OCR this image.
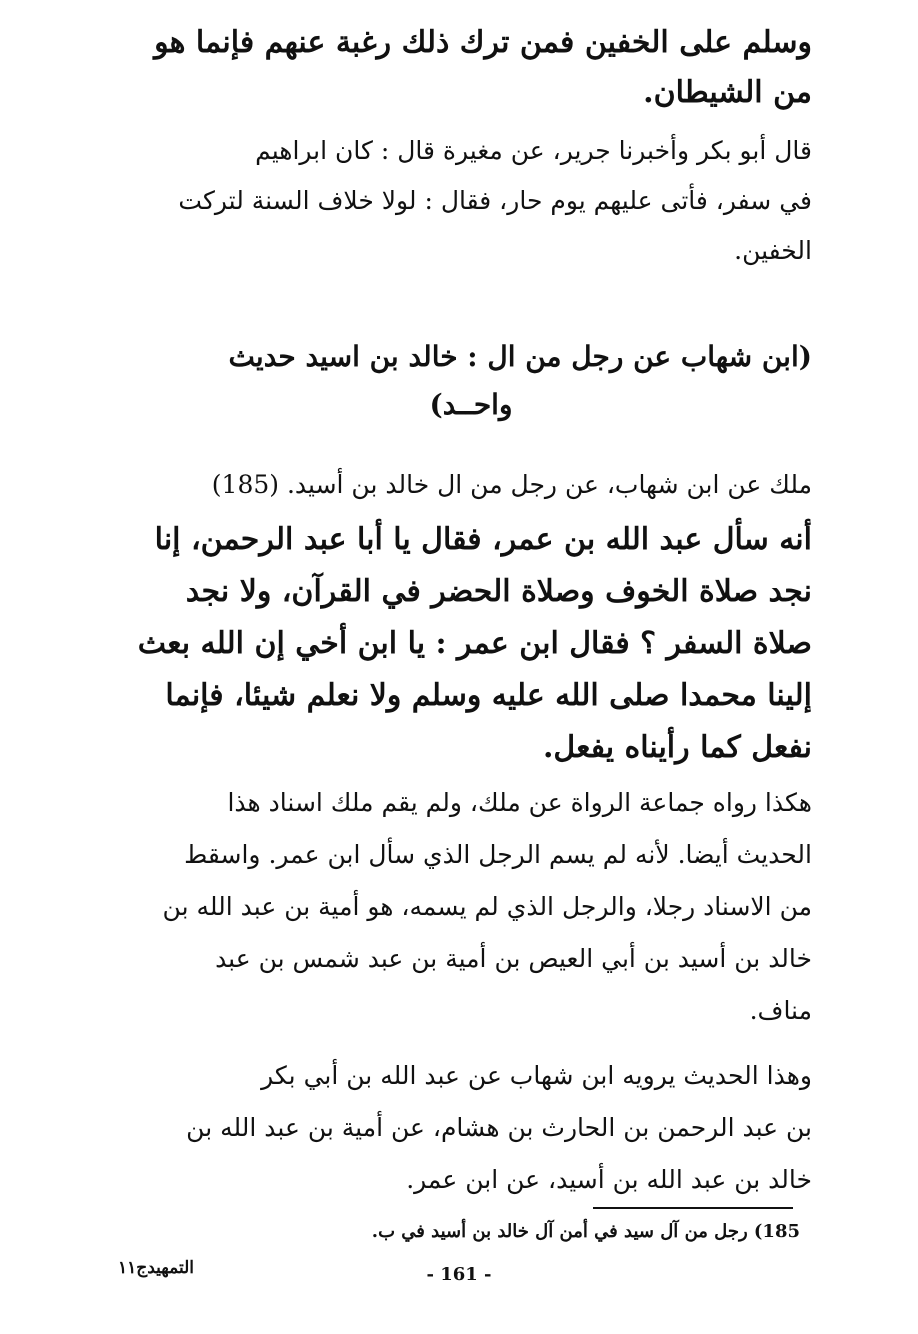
وسلم على الخفين فمن ترك ذلك رغبة عنهم فإنما هو
من الشيطان.
قال أبو بكر وأخبرنا جرير، عن مغيرة قال : كان ابراهيم
في سفر، فأتى عليهم يوم حار، فقال : لولا خلاف السنة لتركت
الخفين.
(ابن شهاب عن رجل من ال : خالد بن اسيد حديث
واحــد)
ملك عن ابن شهاب، عن رجل من ال خالد بن أسيد. (185)
أنه سأل عبد الله بن عمر، فقال يا أبا عبد الرحمن، إنا
نجد صلاة الخوف وصلاة الحضر في القرآن، ولا نجد
صلاة السفر ؟ فقال ابن عمر : يا ابن أخي إن الله بعث
إلينا محمدا صلى الله عليه وسلم ولا نعلم شيئا، فإنما
نفعل كما رأيناه يفعل.
هكذا رواه جماعة الرواة عن ملك، ولم يقم ملك اسناد هذا
الحديث أيضا. لأنه لم يسم الرجل الذي سأل ابن عمر. واسقط
من الاسناد رجلا، والرجل الذي لم يسمه، هو أمية بن عبد الله بن
خالد بن أسيد بن أبي العيص بن أمية بن عبد شمس بن عبد
مناف.
وهذا الحديث يرويه ابن شهاب عن عبد الله بن أبي بكر
بن عبد الرحمن بن الحارث بن هشام، عن أمية بن عبد الله بن
خالد بن عبد الله بن أسيد، عن ابن عمر.
185) رجل من آل سيد في أمن آل خالد بن أسيد في ب.
التمهيدج١١	- 161 -
